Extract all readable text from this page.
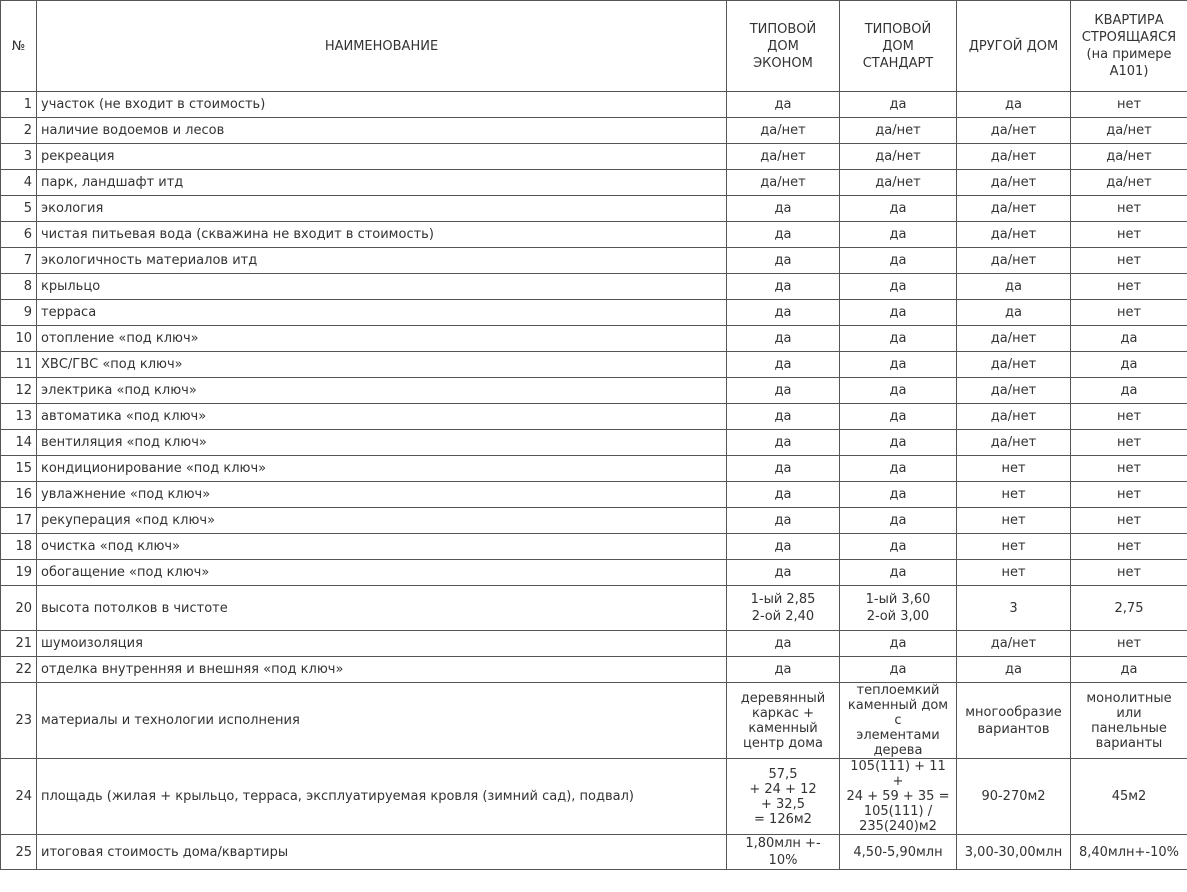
№	НАИМЕНОВАНИЕ	ТИПОВОЙ
ДОМ
ЭКОНОМ	ТИПОВОЙ
ДОМ
СТАНДАРТ	ДРУГОЙ ДОМ	КВАРТИРА
СТРОЯЩАЯСЯ
(на примере
А101)

1	участок (не входит в стоимость)	да	да	да	нет

2	наличие водоемов и лесов	да/нет	да/нет	да/нет	да/нет

3	рекреация	да/нет	да/нет	да/нет	да/нет

4	парк, ландшафт итд	да/нет	да/нет	да/нет	да/нет

5	экология	да	да	да/нет	нет

6	чистая питьевая вода (скважина не входит в стоимость)	да	да	да/нет	нет

7	экологичность материалов итд	да	да	да/нет	нет

8	крыльцо	да	да	да	нет

9	терраса	да	да	да	нет

10	отопление «под ключ»	да	да	да/нет	да

11	ХВС/ГВС «под ключ»	да	да	да/нет	да

12	электрика «под ключ»	да	да	да/нет	да

13	автоматика «под ключ»	да	да	да/нет	нет

14	вентиляция «под ключ»	да	да	да/нет	нет

15	кондиционирование «под ключ»	да	да	нет	нет

16	увлажнение «под ключ»	да	да	нет	нет

17	рекуперация «под ключ»	да	да	нет	нет

18	очистка «под ключ»	да	да	нет	нет

19	обогащение «под ключ»	да	да	нет	нет

20	высота потолков в чистоте	1-ый 2,85
2-ой 2,40	1-ый 3,60
2-ой 3,00	3	2,75

21	шумоизоляция	да	да	да/нет	нет

22	отделка внутренняя и внешняя «под ключ»	да	да	да	да

23	материалы и технологии исполнения	деревянный
каркас +
каменный
центр дома	теплоемкий
каменный дом с
элементами
дерева	многообразие
вариантов	монолитные
или
панельные
варианты

24	площадь (жилая + крыльцо, терраса, эксплуатируемая кровля (зимний сад), подвал)	57,5
+ 24 + 12
+ 32,5
= 126м2	105(111) + 11 +
24 + 59 + 35 =
105(111) /
235(240)м2	90-270м2	45м2

25	итоговая стоимость дома/квартиры	1,80млн +- 10%	4,50-5,90млн	3,00-30,00млн	8,40млн+-10%
